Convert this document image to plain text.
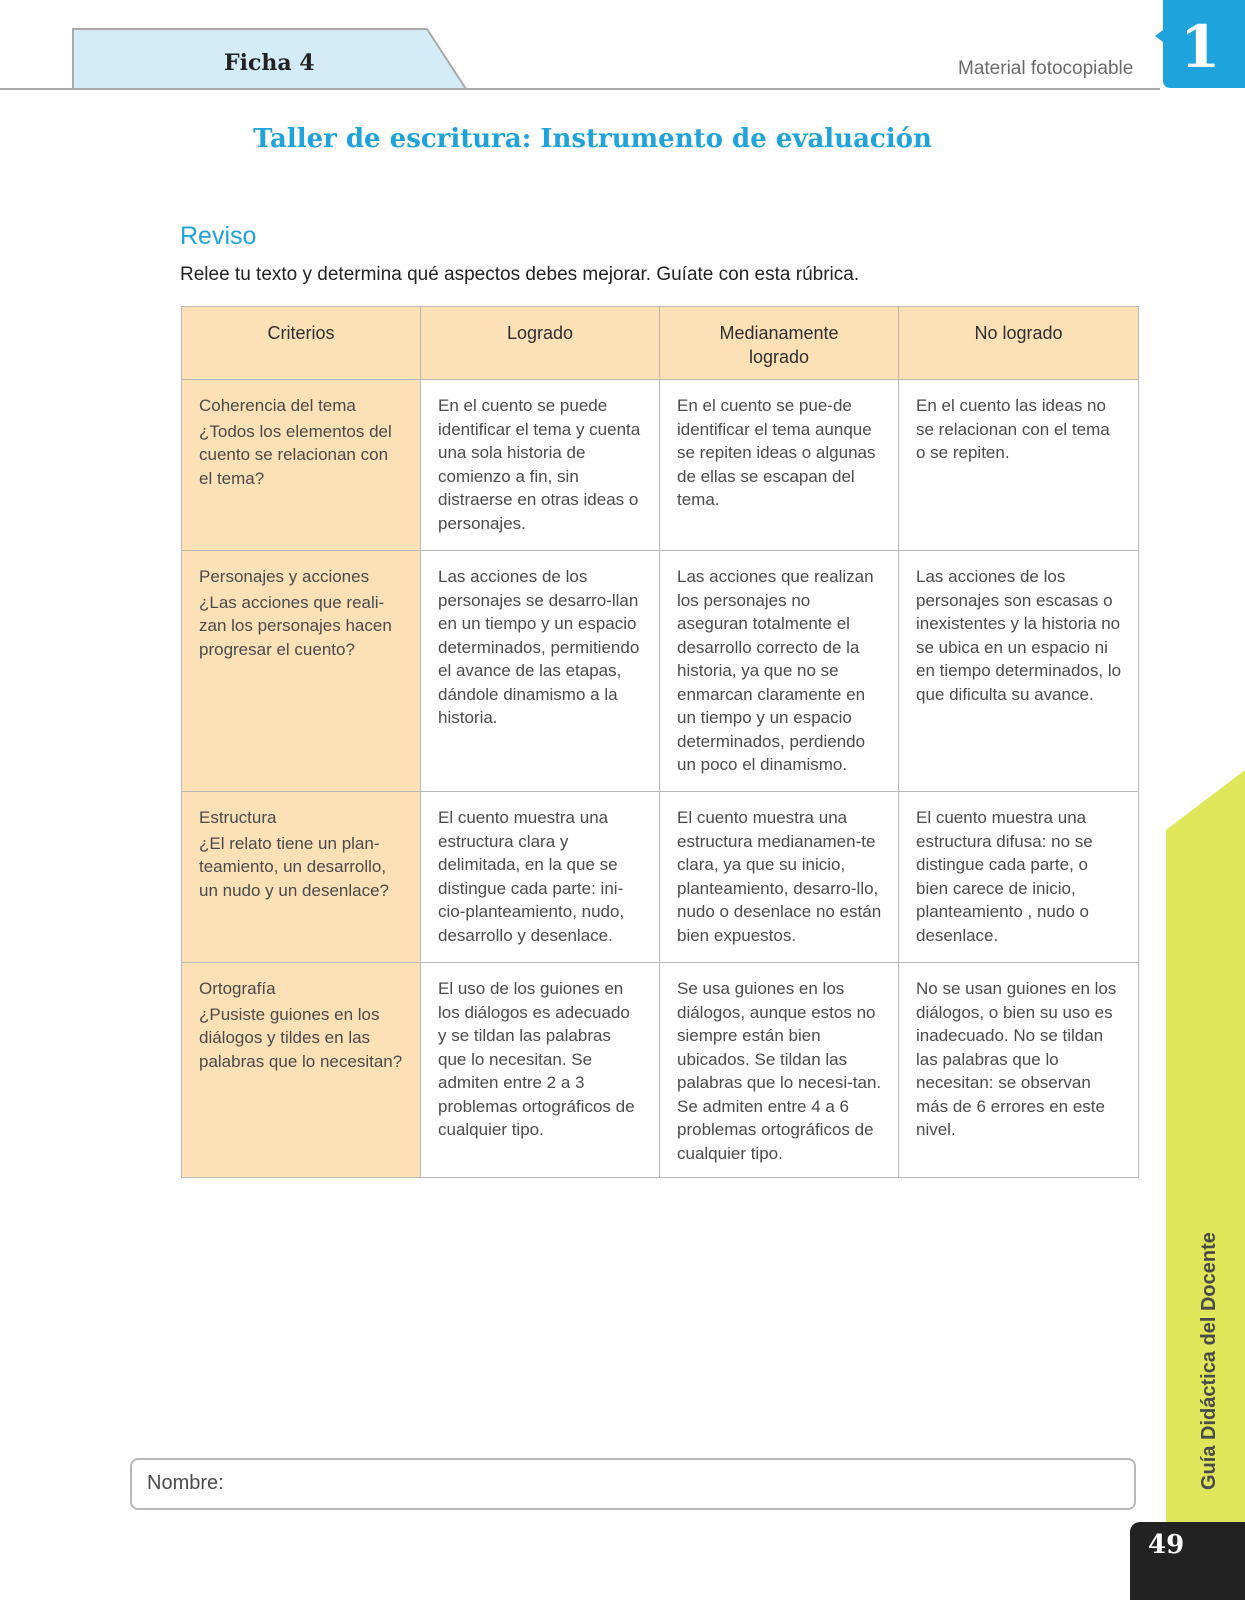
Ficha 4	Material fotocopiable 1
Taller de escritura: Instrumento de evaluación
Reviso
Relee tu texto y determina qué aspectos debes mejorar. Guíate con esta rúbrica.
Criterios	Logrado	Medianamente logrado	No logrado

Coherencia del tema
¿Todos los elementos del cuento se relacionan con el tema?	En el cuento se puede identificar el tema y cuenta una sola historia de comienzo a fin, sin distraerse en otras ideas o personajes.	En el cuento se pue-de identificar el tema aunque se repiten ideas o algunas de ellas se escapan del tema.	En el cuento las ideas no se relacionan con el tema o se repiten.

Personajes y acciones
¿Las acciones que reali-zan los personajes hacen progresar el cuento?	Las acciones de los personajes se desarro-llan en un tiempo y un espacio determinados, permitiendo el avance de las etapas, dándole dinamismo a la historia.	Las acciones que realizan los personajes no aseguran totalmente el desarrollo correcto de la historia, ya que no se enmarcan claramente en un tiempo y un espacio determinados, perdiendo un poco el dinamismo.	Las acciones de los personajes son escasas o inexistentes y la historia no se ubica en un espacio ni en tiempo determinados, lo que dificulta su avance.

Estructura
¿El relato tiene un plan-teamiento, un desarrollo, un nudo y un desenlace?	El cuento muestra una estructura clara y delimitada, en la que se distingue cada parte: ini-cio-planteamiento, nudo, desarrollo y desenlace.	El cuento muestra una estructura medianamen-te clara, ya que su inicio, planteamiento, desarro-llo, nudo o desenlace no están bien expuestos.	El cuento muestra una estructura difusa: no se distingue cada parte, o bien carece de inicio, planteamiento , nudo o desenlace.

Ortografía
¿Pusiste guiones en los diálogos y tildes en las palabras que lo necesitan?	El uso de los guiones en los diálogos es adecuado y se tildan las palabras que lo necesitan. Se admiten entre 2 a 3 problemas ortográficos de cualquier tipo.	Se usa guiones en los diálogos, aunque estos no siempre están bien ubicados. Se tildan las palabras que lo necesi-tan. Se admiten entre 4 a 6 problemas ortográficos de cualquier tipo.	No se usan guiones en los diálogos, o bien su uso es inadecuado. No se tildan las palabras que lo necesitan: se observan más de 6 errores en este nivel.
Nombre:	Guía Didáctica del Docente
49
